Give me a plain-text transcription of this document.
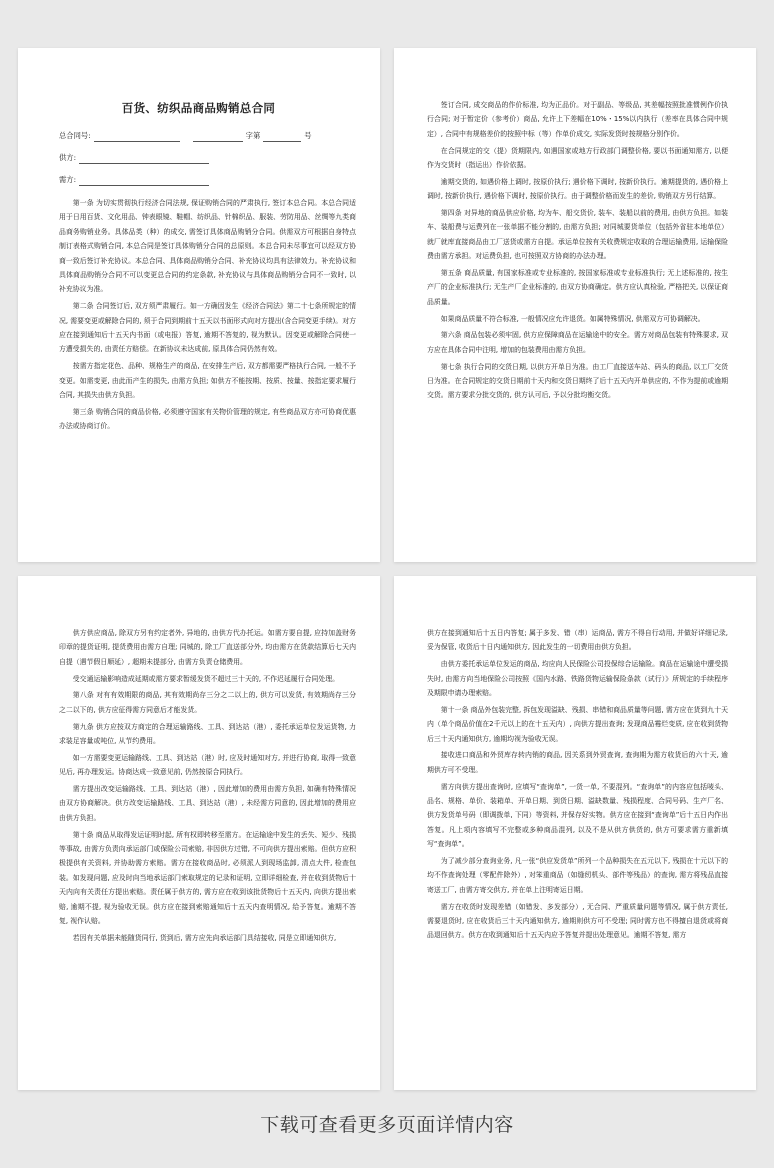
百货、纺织品商品购销总合同
总合同号:	字第	号
供方:
需方:

第一条 为切实贯彻执行经济合同法规, 保证购销合同的严肃执行, 签订本总合同。本总合同适用于日用百货、文化用品、钟表眼镜、鞋帽、纺织品、针棉织品、服装、劳防用品、丝绸等九类商品商务购销业务。具体品类（种）的成交, 需签订具体商品购销分合同。供需双方可根据自身特点制订表格式购销合同, 本总合同是签订具体购销分合同的总原则。本总合同未尽事宜可以经双方协商一致后签订补充协议。本总合同、具体商品购销分合同、补充协议均具有法律效力。补充协议和具体商品购销分合同不可以变更总合同的约定条款, 补充协议与具体商品购销分合同不一致时, 以补充协议为准。

第二条 合同签订后, 双方须严肃履行。如一方确因发生《经济合同法》第二十七条所规定的情况, 需要变更或解除合同的, 须于合同到期前十五天以书面形式向对方提出(含合同变更手续)。对方应在接到通知后十五天内书面（或电报）答复, 逾期不答复的, 视为默认。因变更或解除合同使一方遭受损失的, 由责任方赔偿。在新协议未达成前, 原具体合同仍然有效。

按需方指定花色、品种、规格生产的商品, 在安排生产后, 双方都需要严格执行合同, 一般不予变更。如需变更, 由此而产生的损失, 由需方负担; 如供方不能按期、按质、按量、按指定要求履行合同, 其损失由供方负担。

第三条 购销合同的商品价格, 必须遵守国家有关物价管理的规定, 有些商品双方亦可协商优惠办法或协商订价。

签订合同, 成交商品的作价标准, 均为正品价。对于副品、等级品, 其差幅按照批准惯例作价执行合同; 对于暂定价（参考价）商品, 允许上下差幅在10%・15%以内执行（差率在具体合同中规定）, 合同中有规格差价的按照中标（等）作单价成交, 实际发货时按规格分别作价。

在合同规定的交（提）货期限内, 如遇国家或地方行政部门调整价格, 要以书面通知需方, 以便作为交货时（指运出）作价依据。

逾期交货的, 如遇价格上调时, 按原价执行; 遇价格下调时, 按新价执行。逾期提货的, 遇价格上调时, 按新价执行, 遇价格下调时, 按原价执行。由于调整价格而发生的差价, 购销双方另行结算。

第四条 对异地的商品供应价格, 均为车、船交货价, 装车、装船以前的费用, 由供方负担。如装车、装船费与运费列在一张单据不能分割的, 由需方负担; 对同城要货单位（包括外省驻本地单位）就厂就库直接商品由工厂送货或需方自提。承运单位按有关收费规定收取的合理运输费用, 运输保险费由需方承担。对运费负担, 也可按照双方协商的办法办理。

第五条 商品质量, 有国家标准或专业标准的, 按国家标准或专业标准执行; 无上述标准的, 按生产厂的企业标准执行; 无生产厂企业标准的, 由双方协商确定。供方应认真检验, 严格把关, 以保证商品质量。

如果商品质量不符合标准, 一般情况应允许退货。如属特殊情况, 供需双方可协调解决。

第六条 商品包装必须牢固, 供方应保障商品在运输途中的安全。需方对商品包装有特殊要求, 双方应在具体合同中注明, 增加的包装费用由需方负担。

第七条 执行合同的交货日期, 以供方开单日为准。由工厂直接送车站、码头的商品, 以工厂交货日为准。在合同规定的交货日期前十天内和交货日期终了后十五天内开单供应的, 不作为提前或逾期交货。需方要求分批交货的, 供方认可后, 予以分批均衡交货。

供方供应商品, 除双方另有约定者外, 异地的, 由供方代办托运。如需方要自提, 应持加盖财务印章的提货证明, 提货费用由需方自理; 同城的, 除工厂直送部分外, 均由需方在货款结算后七天内自提（遇节假日顺延）, 超期未提部分, 由需方负责仓储费用。

受交通运输影响造成延期或需方要求暂缓发货不超过三十天的, 不作迟延履行合同处理。

第八条 对有有效期限的商品, 其有效期尚存三分之二以上的, 供方可以发货, 有效期尚存三分之二以下的, 供方应征得需方同意后才能发货。

第九条 供方应按双方商定的合理运输路线、工具、到达站（港）, 委托承运单位发运货物, 力求装足容量或吨位, 从节约费用。

如一方需要变更运输路线、工具、到达站（港）时, 应及时通知对方, 并进行协商, 取得一致意见后, 再办理发运。协商达成一致意见前, 仍然按原合同执行。

需方提出改变运输路线、工具、到达站（港）, 因此增加的费用由需方负担, 如确有特殊情况由双方协商解决。供方改变运输路线、工具、到达站（港）, 未经需方同意的, 因此增加的费用应由供方负担。

第十条 商品从取得发运证明时起, 所有权即转移至需方。在运输途中发生的丢失、短少、残损等事故, 由需方负责向承运部门或保险公司索赔, 非因供方过错, 不可向供方提出索赔。但供方应积极提供有关资料, 并协助需方索赔。需方在接收商品时, 必须派人到现场监卸, 清点大件, 检查包装。如发现问题, 应及时向当地承运部门索取规定的记录和证明, 立即详细检查, 并在收到货物后十天内向有关责任方提出索赔。责任属于供方的, 需方应在收到该批货物后十五天内, 向供方提出索赔, 逾期不提, 视为验收无误。供方应在接到索赔通知后十五天内查明情况, 给予答复。逾期不答复, 视作认赔。

若因有关单据未能随货同行, 货到后, 需方应先向承运部门具结接收, 同是立即通知供方,

供方在接到通知后十五日内答复; 属于多发、错（串）运商品, 需方不得自行动用, 并做好详细记录, 妥为保管, 收货后十日内通知供方, 因此发生的一切费用由供方负担。

由供方委托承运单位发运的商品, 均应向人民保险公司投保综合运输险。商品在运输途中遭受损失时, 由需方向当地保险公司按照《国内水路、铁路货物运输保险条款（试行）》所规定的手续程序及期限申请办理索赔。

第十一条 商品外包装完整, 拆包发现溢缺、残损、串错和商品质量等问题, 需方应在货到九十天内（单个商品价值在2千元以上的在十五天内）, 向供方提出查询; 发现商品霉烂变质, 应在收到货物后三十天内通知供方, 逾期均视为验收无误。

接收进口商品和外贸库存转内销的商品, 因关系到外贸查询, 查询期为需方收货后的六十天, 逾期供方可不受理。

需方向供方提出查询时, 应填写“查询单”, 一货一单, 不要混列。“查询单”的内容应包括唛头、品名、规格、单价、装箱单、开单日期、到货日期、溢缺数量、残损程度、合同号码、生产厂名、供方发货单号码（即调拨单, 下同）等资料, 并保存好实物。供方应在接到“查询单”后十五日内作出答复。凡上项内容填写不完整或多种商品混列, 以及不是从供方供货的, 供方可要求需方重新填写“查询单”。

为了减少部分查询业务, 凡一张“供应发货单”所列一个品种损失在五元以下, 残损在十元以下的均不作查询处理（零配件除外）, 对笨重商品（如缝纫机头、部件等残品）的查询, 需方将残品直接寄送工厂, 由需方寄交供方, 并在单上注明寄运日期。

需方在收货时发现差错（如错发、多发部分）, 无合同、严重质量问题等情况, 属于供方责任, 需要退货时, 应在收货后三十天内通知供方, 逾期则供方可不受理; 同时需方也不得擅自退货或将商品退回供方。供方在收到通知后十五天内应予答复并提出处理意见。逾期不答复, 需方

下载可查看更多页面详情内容
